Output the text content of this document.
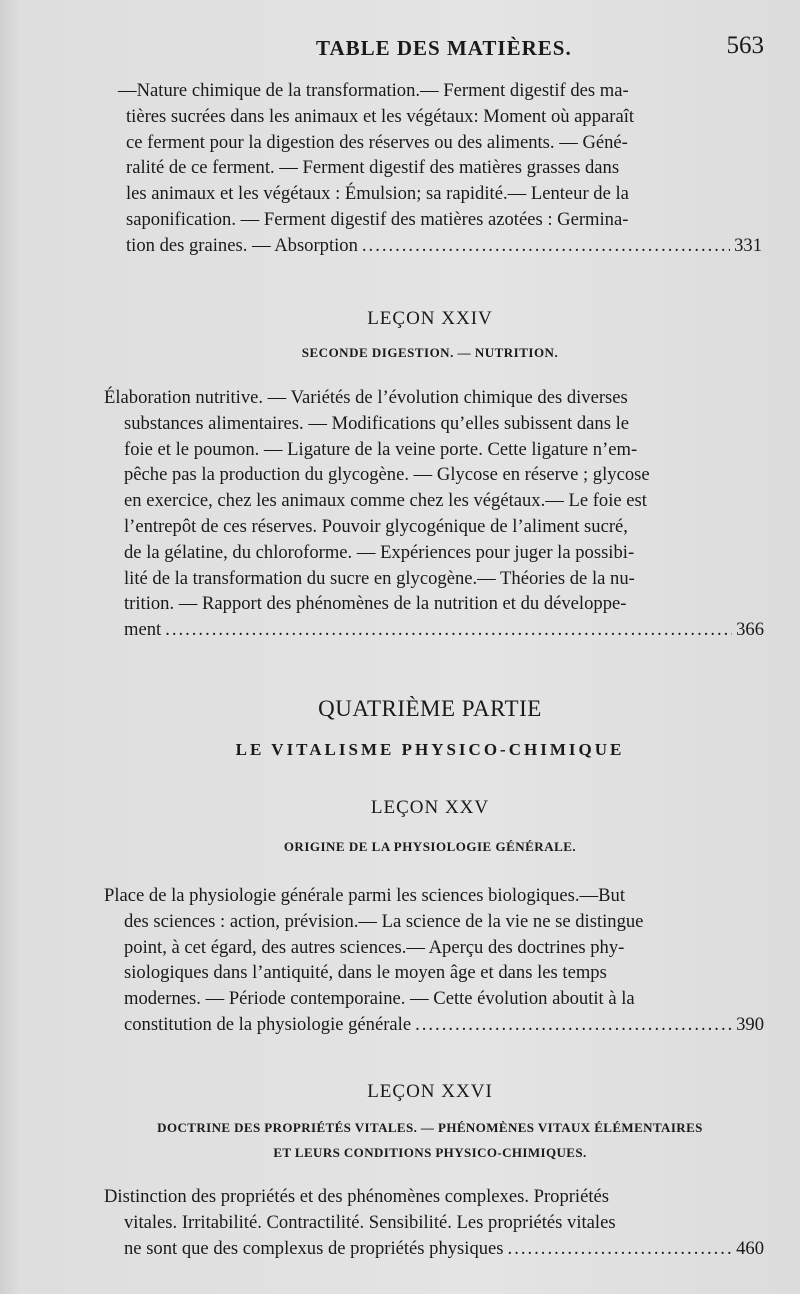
TABLE DES MATIÈRES.	563
—Nature chimique de la transformation.— Ferment digestif des ma-
tières sucrées dans les animaux et les végétaux: Moment où apparaît
ce ferment pour la digestion des réserves ou des aliments. — Géné-
ralité de ce ferment. — Ferment digestif des matières grasses dans
les animaux et les végétaux : Émulsion; sa rapidité.— Lenteur de la
saponification. — Ferment digestif des matières azotées : Germina-
tion des graines. — Absorption .....	331
LEÇON XXIV
SECONDE DIGESTION. — NUTRITION.
Élaboration nutritive. — Variétés de l’évolution chimique des diverses
substances alimentaires. — Modifications qu’elles subissent dans le
foie et le poumon. — Ligature de la veine porte. Cette ligature n’em-
pêche pas la production du glycogène. — Glycose en réserve ; glycose
en exercice, chez les animaux comme chez les végétaux.— Le foie est
l’entrepôt de ces réserves. Pouvoir glycogénique de l’aliment sucré,
de la gélatine, du chloroforme. — Expériences pour juger la possibi-
lité de la transformation du sucre en glycogène.— Théories de la nu-
trition. — Rapport des phénomènes de la nutrition et du développe-
ment .....	366
QUATRIÈME PARTIE
LE VITALISME PHYSICO-CHIMIQUE
LEÇON XXV
ORIGINE DE LA PHYSIOLOGIE GÉNÉRALE.
Place de la physiologie générale parmi les sciences biologiques.—But
des sciences : action, prévision.— La science de la vie ne se distingue
point, à cet égard, des autres sciences.— Aperçu des doctrines phy-
siologiques dans l’antiquité, dans le moyen âge et dans les temps
modernes. — Période contemporaine. — Cette évolution aboutit à la
constitution de la physiologie générale .....	390
LEÇON XXVI
DOCTRINE DES PROPRIÉTÉS VITALES. — PHÉNOMÈNES VITAUX ÉLÉMENTAIRES
ET LEURS CONDITIONS PHYSICO-CHIMIQUES.
Distinction des propriétés et des phénomènes complexes. Propriétés
vitales. Irritabilité. Contractilité. Sensibilité. Les propriétés vitales
ne sont que des complexus de propriétés physiques .....	460
